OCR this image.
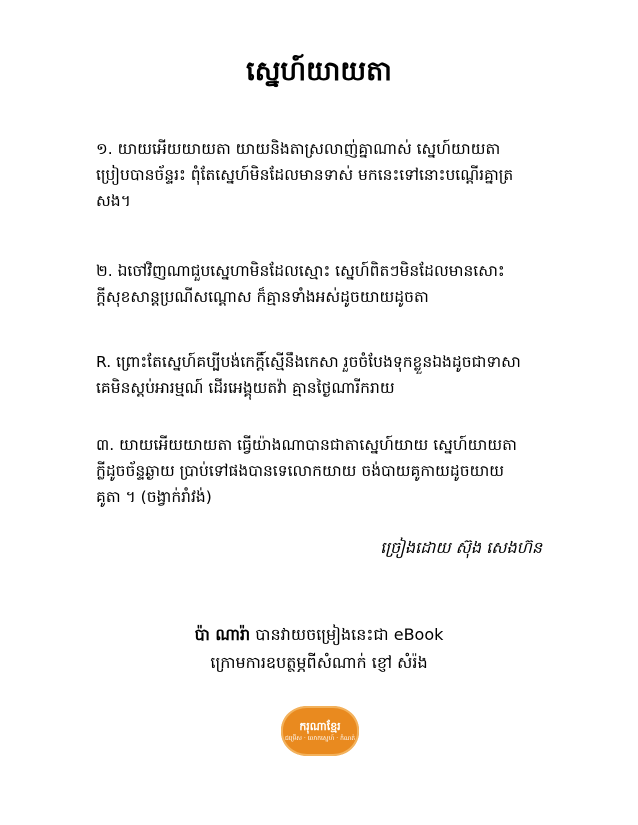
ស្នេហ៍យាយតា
១. យាយអើយយាយតា យាយនិងតាស្រលាញ់គ្នាណាស់ ស្នេហ៍យាយតា
ប្រៀបបានច័ន្ទរះ ពុំតែស្នេហ៍មិនដែលមានទាស់ មកនេះទៅនោះបណ្តើរគ្នាត្រ
សង។
២. ឯចៅវិញណាជួបស្នេហាមិនដែលស្មោះ ស្នេហ៍ពិតៗមិនដែលមានសោះ
ក្តីសុខសាន្តប្រណីសណ្តោស ក៏គ្មានទាំងអស់ដូចយាយដូចតា
R. ព្រោះតែស្នេហ៍គប្បីបង់កេក្តិ៍ស្មើនឹងកេសា រួចចំបែងទុកខ្លួនឯងដូចជាទាសា
គេមិនស្តប់អារម្មណ៍ ដើរអេង្គុយតវ៉ា គ្មានថ្ងៃណារីករាយ
៣. យាយអើយយាយតា ធ្វើយ៉ាងណាបានជាតាស្នេហ៍យាយ ស្នេហ៍យាយតា
ក្លីដូចច័ន្ទឆ្ងាយ ប្រាប់ទៅផងបានទេលោកយាយ ចង់បាយគូកាយដូចយាយ
គូតា ។ (ចង្វាក់រាំវង់)
ច្រៀងដោយ ស៊ុង សេងហ៊ន
ប៉ា ណារ៉ា បានវាយចម្រៀងនេះជា eBook
ក្រោមការឧបត្ថម្ភពីសំណាក់ ខ្ញៅ សំរ៉ង
ករុណាខ្មែរ
ជម្រើស · លោកស្នេហ៍ · កំណត់
